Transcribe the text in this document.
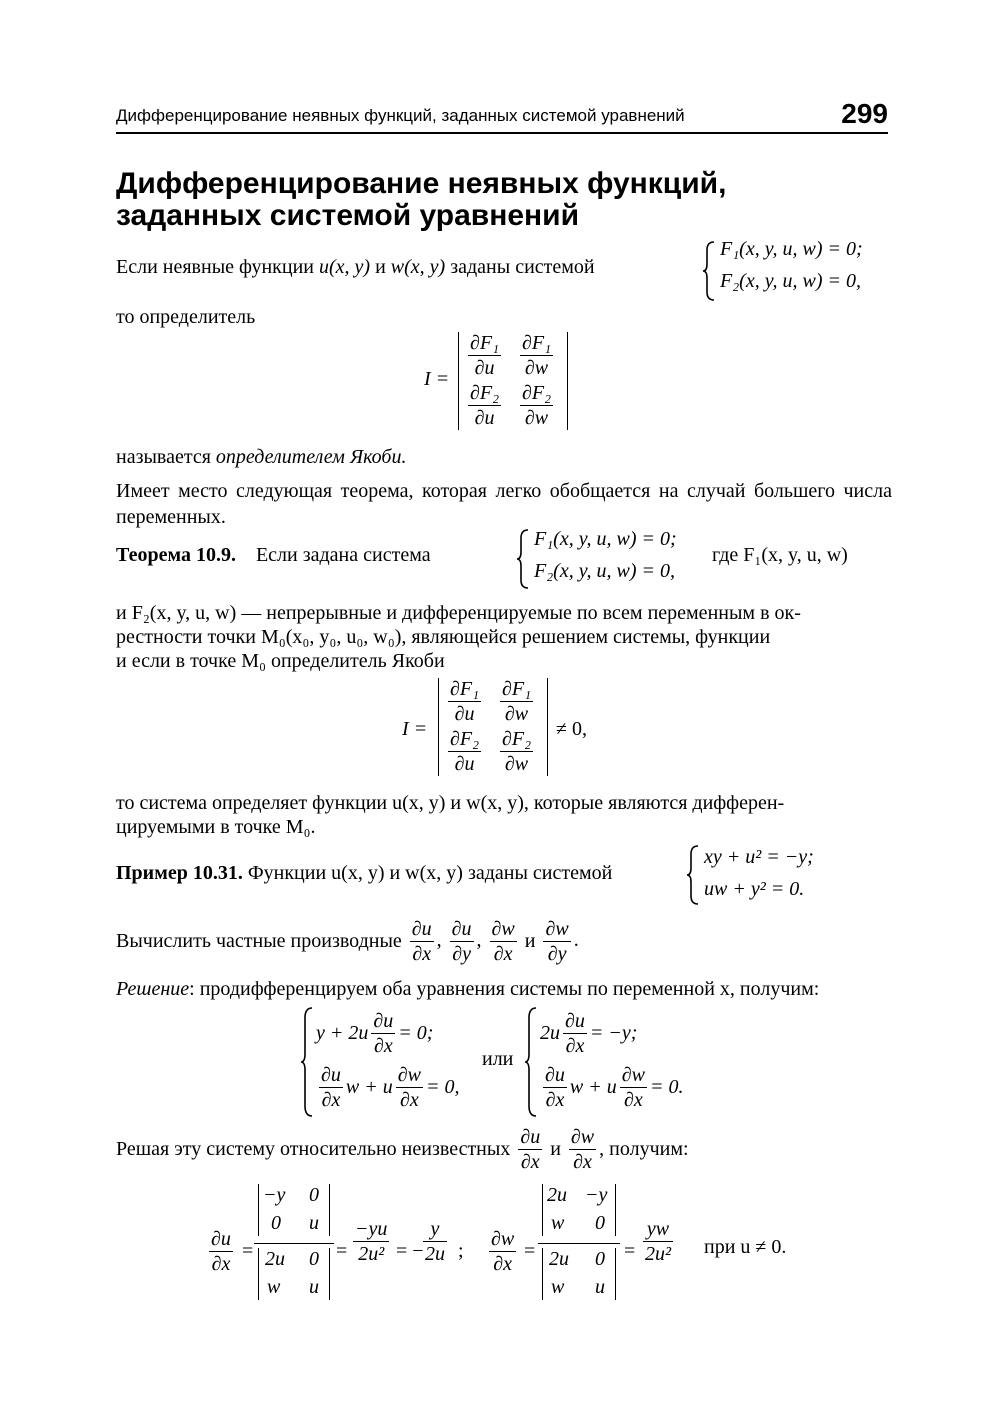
Дифференцирование неявных функций, заданных системой уравнений	299
Дифференцирование неявных функций,
заданных системой уравнений
Если неявные функции u(x, y) и w(x, y) заданы системой
F₁(x, y, u, w) = 0;
F₂(x, y, u, w) = 0,
то определитель
$I = \frac{\text{∂F₁}}{\partial u} \frac{\text{∂F₁}}{\partial w}$
$\frac{\text{∂F₂}}{\partial u} \frac{\text{∂F₂}}{\partial w}$
называется определителем Якоби.
Имеет место следующая теорема, которая легко обобщается на случай большего числа переменных.
Теорема 10.9. Если задана система
F₁(x, y, u, w) = 0;
F₂(x, y, u, w) = 0,
где F₁(x, y, u, w)
и F₂(x, y, u, w) — непрерывные и дифференцируемые по всем переменным в ок-
рестности точки M₀(x₀, y₀, u₀, w₀), являющейся решением системы, функции
и если в точке M₀ определитель Якоби
I =
$\frac{\text{∂F₁}}{\partial u} \frac{\text{∂F₁}}{\partial w}$
$\frac{\text{∂F₂}}{\partial u} \frac{\text{∂F₂}}{\partial w} \ne 0$,
то система определяет функции u(x, y) и w(x, y), которые являются дифферен-
цируемыми в точке M₀.
Пример 10.31. Функции u(x, y) и w(x, y) заданы системой
xy + u² = −y;
uw + y² = 0.
Вычислить частные производные $\frac{\partial u}{\partial x}$ , $\frac{\partial u}{\partial y}$ , $\frac{\partial w}{\partial x}$ и $\frac{\partial w}{\partial y}$ .
Решение: продифференцируем оба уравнения системы по переменной x, получим:
$y + 2u \frac{\partial u}{\partial x} = 0$;
$\frac{\partial u}{\partial x}$ w + u $\frac{\partial w}{\partial x} = 0$,
или
$2u \frac{\partial u}{\partial x} = -y$;
$\frac{\partial u}{\partial x}$ w + u $\frac{\partial w}{\partial x} = 0$.
Решая эту систему относительно неизвестных $\frac{\partial u}{\partial x}$ и $\frac{\partial w}{\partial x}$ , получим:
$\frac{\partial u}{\partial x}$ =
−y 0
0 u
2u 0
w u
= $\frac{-yu}{\text{2u²}}$ = − $\frac{y}{2u}$ ; $\frac{\partial w}{\partial x}$ =
2u −y
w 0
2u 0
w u
= $\frac{yw}{\text{2u²}}$ при u ≠ 0.
